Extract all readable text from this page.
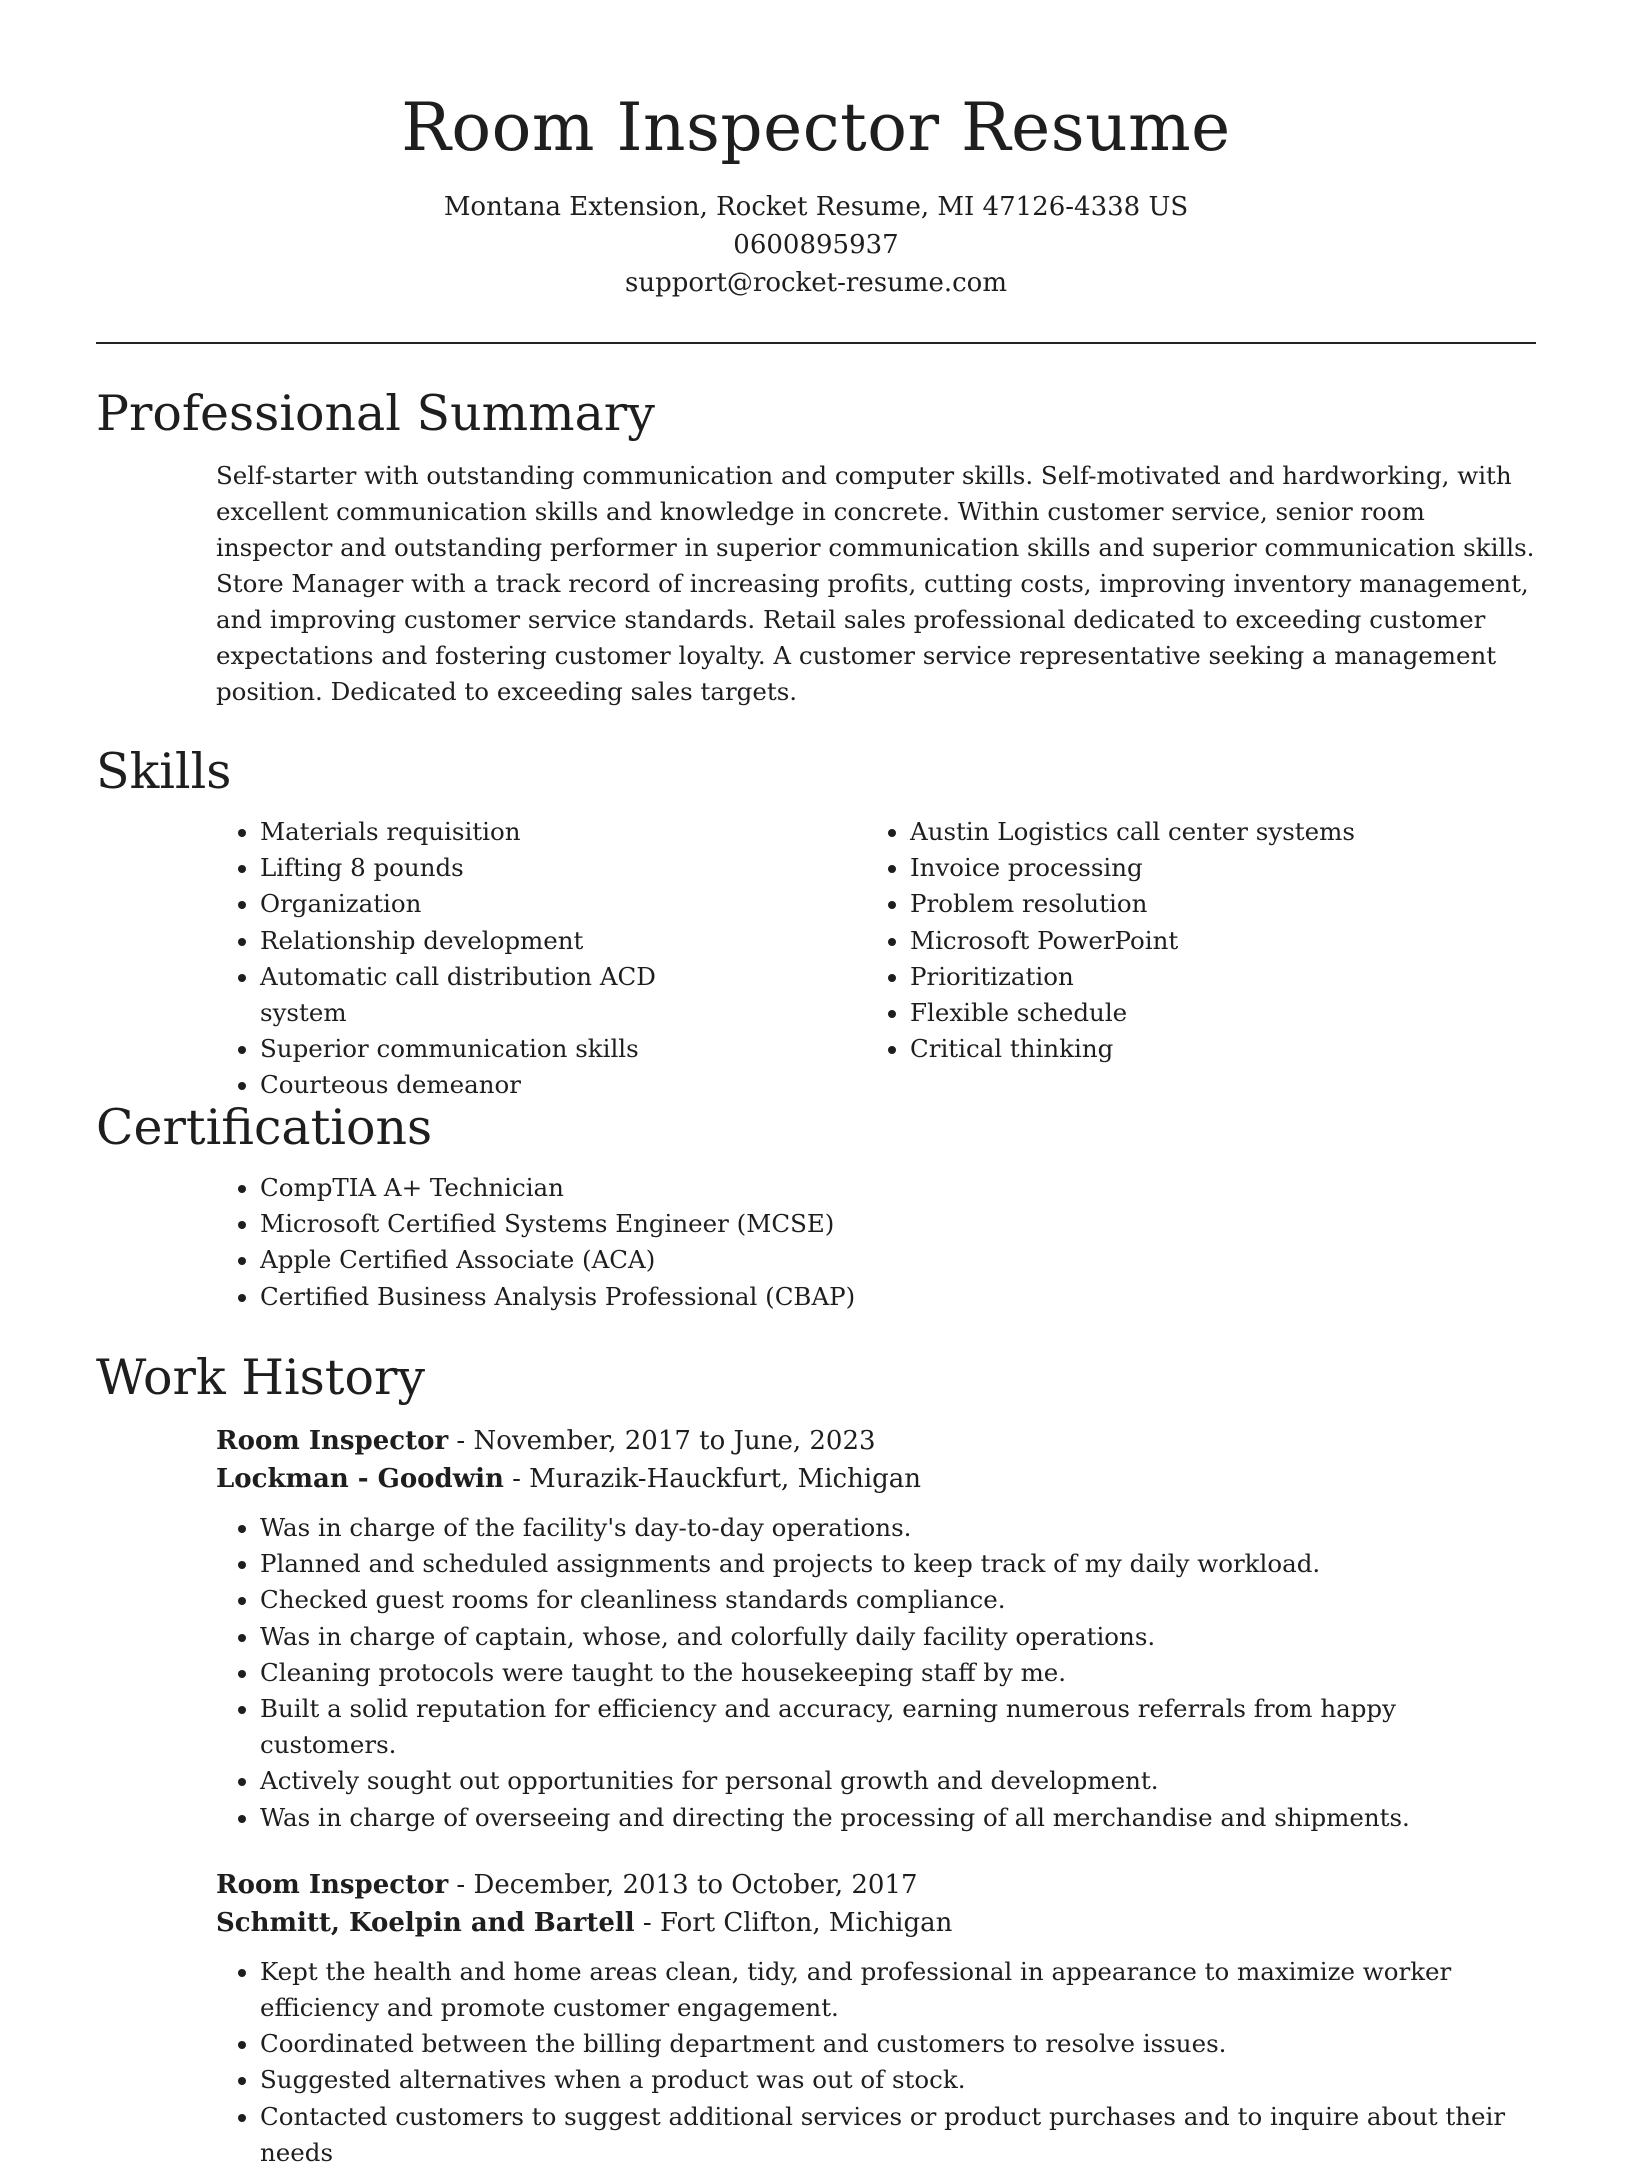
Room Inspector Resume
Montana Extension, Rocket Resume, MI 47126-4338 US
0600895937
support@rocket-resume.com
Professional Summary

Self-starter with outstanding communication and computer skills. Self-motivated and hardworking, with excellent communication skills and knowledge in concrete. Within customer service, senior room inspector and outstanding performer in superior communication skills and superior communication skills. Store Manager with a track record of increasing profits, cutting costs, improving inventory management, and improving customer service standards. Retail sales professional dedicated to exceeding customer expectations and fostering customer loyalty. A customer service representative seeking a management position. Dedicated to exceeding sales targets.

Skills
• Materials requisition
• Lifting 8 pounds
• Organization
• Relationship development
• Automatic call distribution ACD system
• Superior communication skills
• Courteous demeanor
• Austin Logistics call center systems
• Invoice processing
• Problem resolution
• Microsoft PowerPoint
• Prioritization
• Flexible schedule
• Critical thinking
Certifications
• CompTIA A+ Technician
• Microsoft Certified Systems Engineer (MCSE)
• Apple Certified Associate (ACA)
• Certified Business Analysis Professional (CBAP)
Work History
Room Inspector - November, 2017 to June, 2023
Lockman - Goodwin - Murazik-Hauckfurt, Michigan
• Was in charge of the facility's day-to-day operations.
• Planned and scheduled assignments and projects to keep track of my daily workload.
• Checked guest rooms for cleanliness standards compliance.
• Was in charge of captain, whose, and colorfully daily facility operations.
• Cleaning protocols were taught to the housekeeping staff by me.
• Built a solid reputation for efficiency and accuracy, earning numerous referrals from happy customers.
• Actively sought out opportunities for personal growth and development.
• Was in charge of overseeing and directing the processing of all merchandise and shipments.
Room Inspector - December, 2013 to October, 2017
Schmitt, Koelpin and Bartell - Fort Clifton, Michigan
• Kept the health and home areas clean, tidy, and professional in appearance to maximize worker efficiency and promote customer engagement.
• Coordinated between the billing department and customers to resolve issues.
• Suggested alternatives when a product was out of stock.
• Contacted customers to suggest additional services or product purchases and to inquire about their needs
